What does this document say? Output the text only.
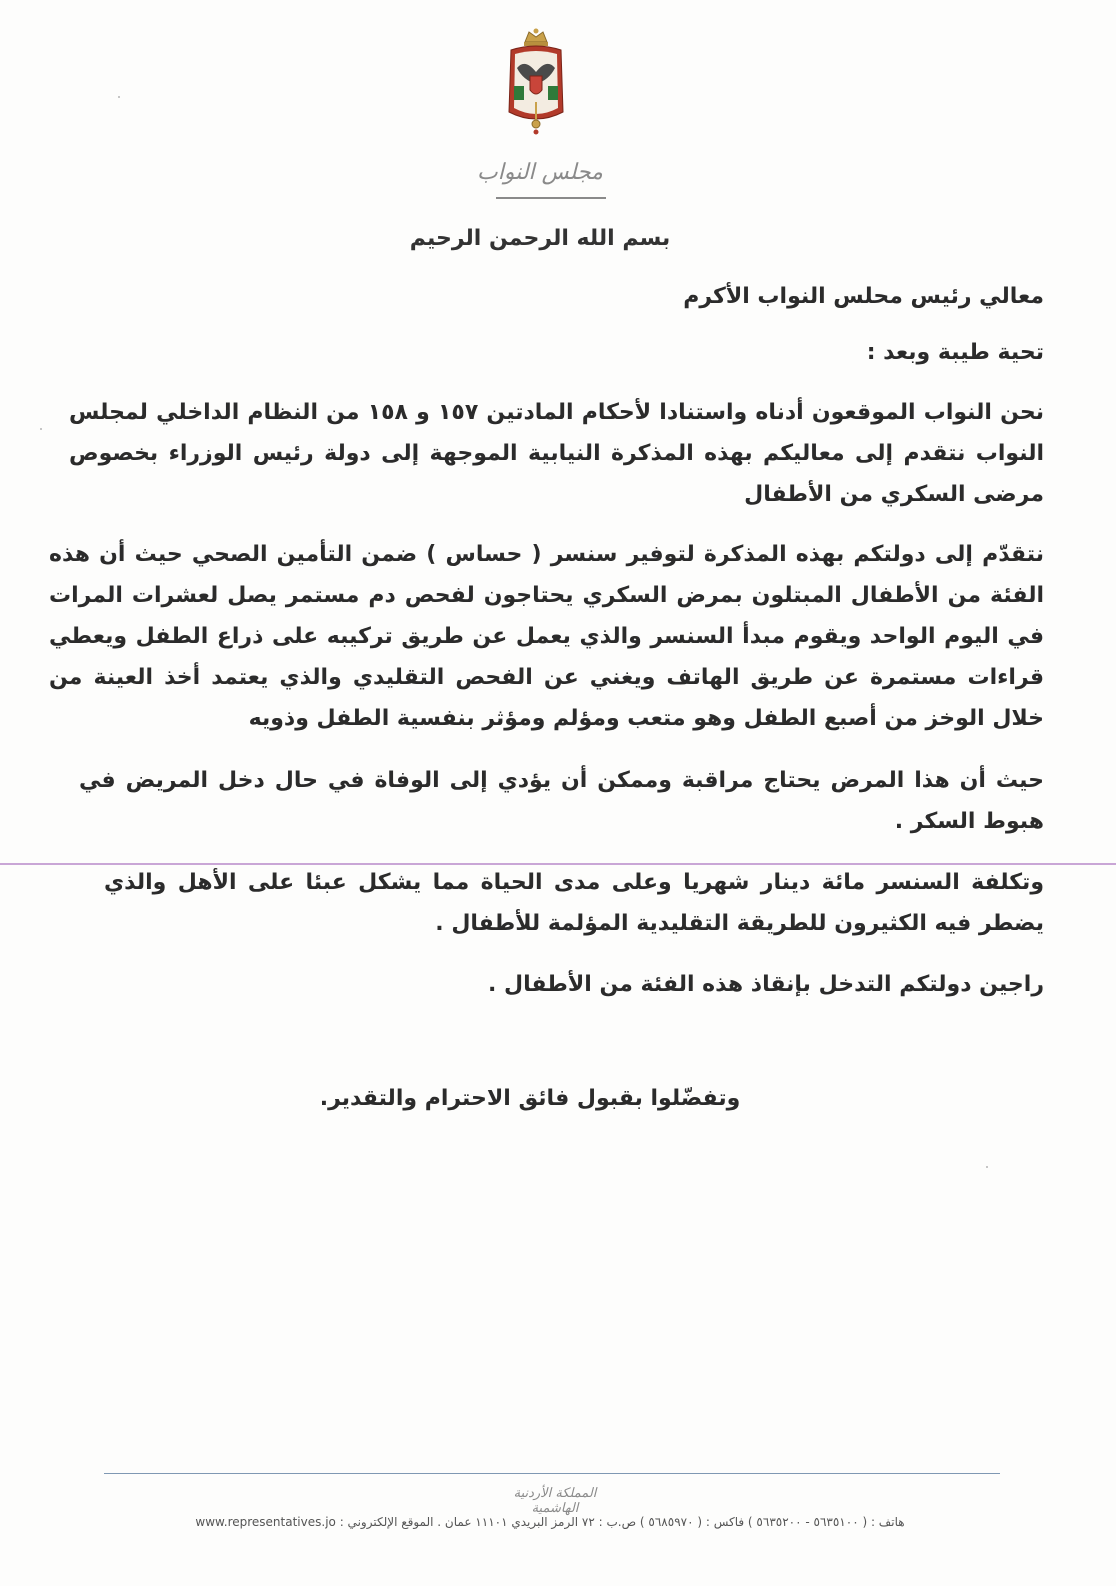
مجلس النواب
بسم الله الرحمن الرحيم
معالي رئيس محلس النواب الأكرم
تحية طيبة وبعد :
نحن النواب الموقعون أدناه واستنادا لأحكام المادتين ١٥٧ و ١٥٨ من النظام الداخلي لمجلس النواب نتقدم إلى معاليكم بهذه المذكرة النيابية الموجهة إلى دولة رئيس الوزراء بخصوص مرضى السكري من الأطفال
نتقدّم إلى دولتكم بهذه المذكرة لتوفير سنسر ( حساس ) ضمن التأمين الصحي حيث أن هذه الفئة من الأطفال المبتلون بمرض السكري يحتاجون لفحص دم مستمر يصل لعشرات المرات في اليوم الواحد ويقوم مبدأ السنسر والذي يعمل عن طريق تركيبه على ذراع الطفل ويعطي قراءات مستمرة عن طريق الهاتف ويغني عن الفحص التقليدي والذي يعتمد أخذ العينة من خلال الوخز من أصبع الطفل وهو متعب ومؤلم ومؤثر بنفسية الطفل وذويه
حيث أن هذا المرض يحتاج مراقبة وممكن أن يؤدي إلى الوفاة في حال دخل المريض في هبوط السكر .
وتكلفة السنسر مائة دينار شهريا وعلى مدى الحياة مما يشكل عبئا على الأهل والذي يضطر فيه الكثيرون للطريقة التقليدية المؤلمة للأطفال .
راجين دولتكم التدخل بإنقاذ هذه الفئة من الأطفال .
وتفضّلوا بقبول فائق الاحترام والتقدير.
المملكة الأردنية الهاشمية
هاتف : ( ٥٦٣٥١٠٠ - ٥٦٣٥٢٠٠ ) فاكس : ( ٥٦٨٥٩٧٠ ) ص.ب : ٧٢ الرمز البريدي ١١١٠١ عمان . الموقع الإلكتروني : www.representatives.jo
